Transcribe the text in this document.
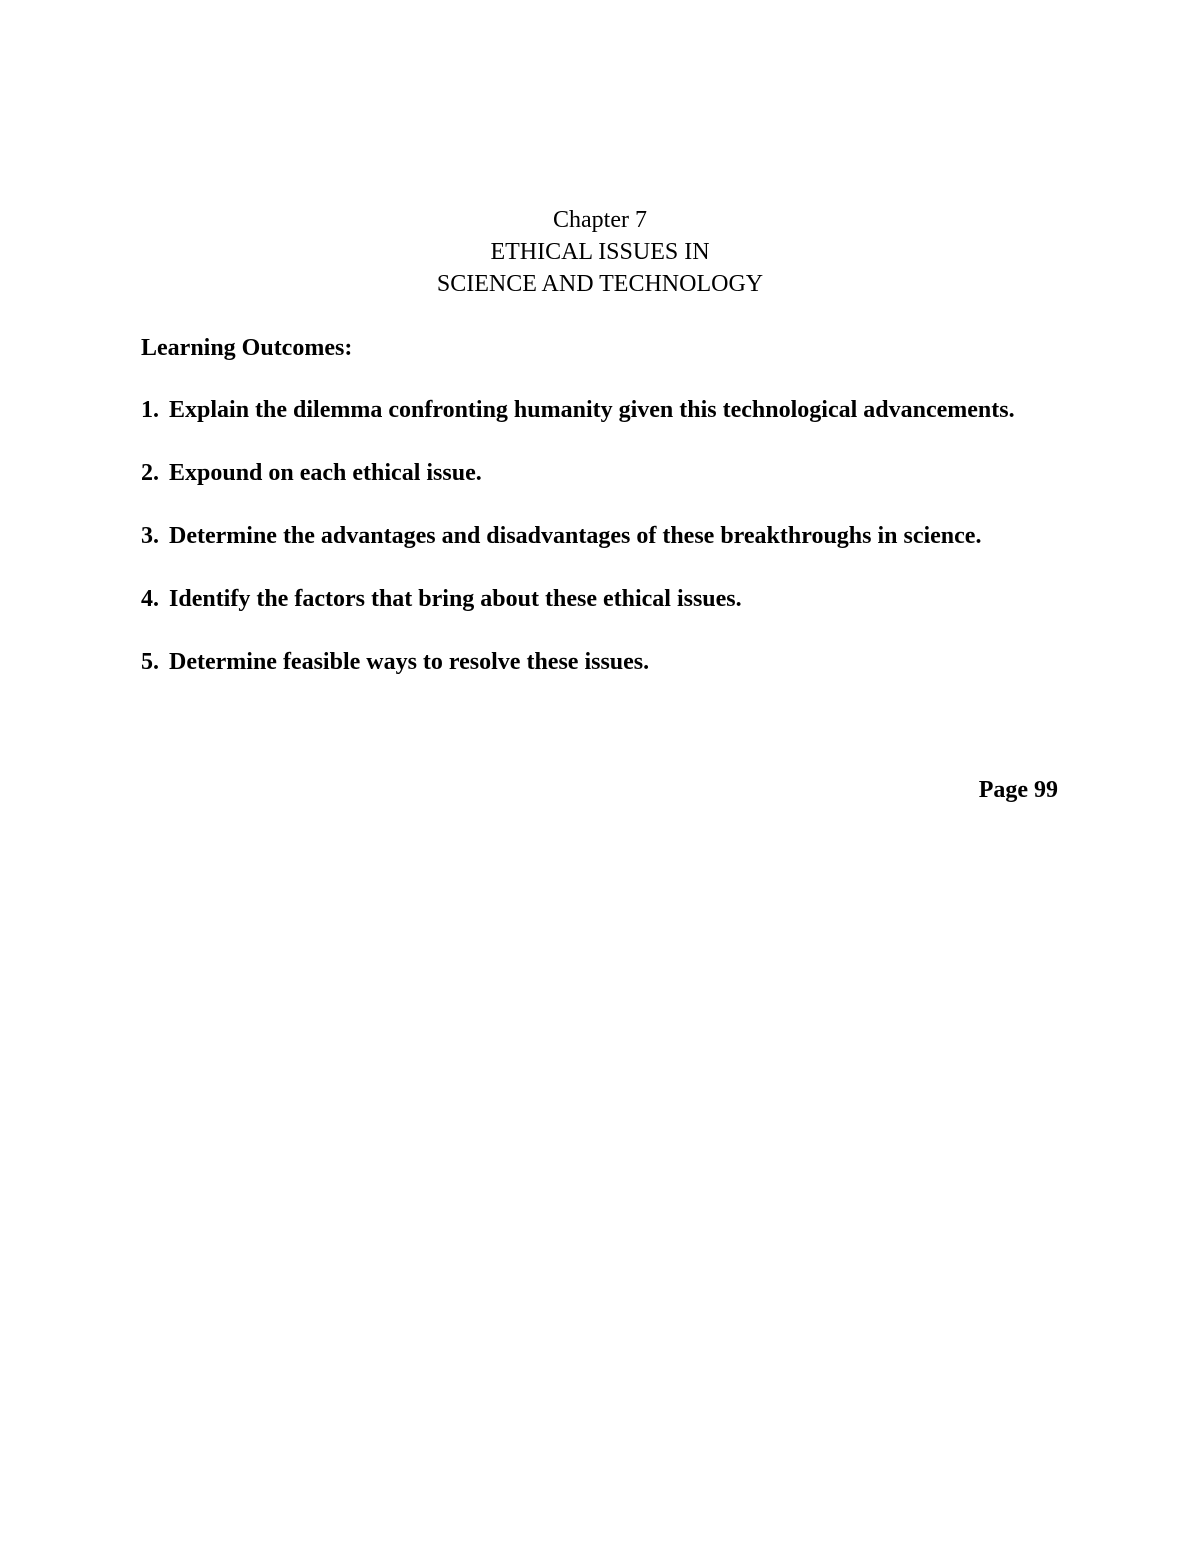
Chapter 7
ETHICAL ISSUES IN
SCIENCE AND TECHNOLOGY
Learning Outcomes:
1. Explain the dilemma confronting humanity given this technological advancements.
2. Expound on each ethical issue.
3. Determine the advantages and disadvantages of these breakthroughs in science.
4. Identify the factors that bring about these ethical issues.
5. Determine feasible ways to resolve these issues.
Page 99
